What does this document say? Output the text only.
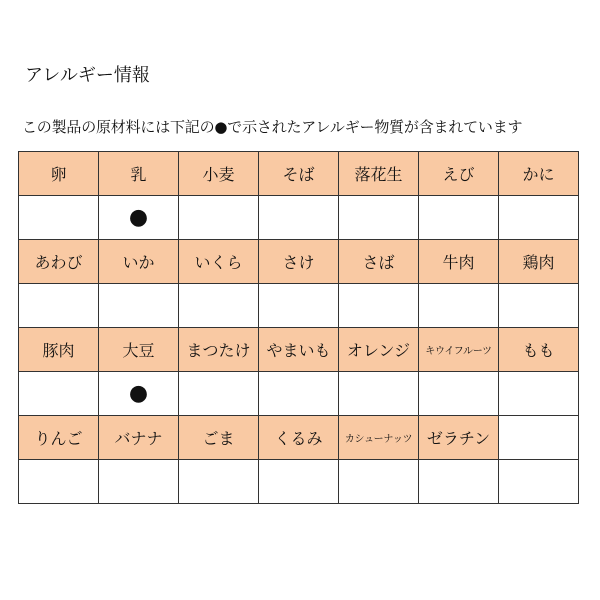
アレルギー情報
この製品の原材料には下記の●で示されたアレルギー物質が含まれています
卵	乳	小麦	そば	落花生	えび	かに
	●					
あわび	いか	いくら	さけ	さば	牛肉	鶏肉

豚肉	大豆	まつたけ	やまいも	オレンジ	キウイフルーツ	もも
	●					
りんご	バナナ	ごま	くるみ	カシューナッツ	ゼラチン	
